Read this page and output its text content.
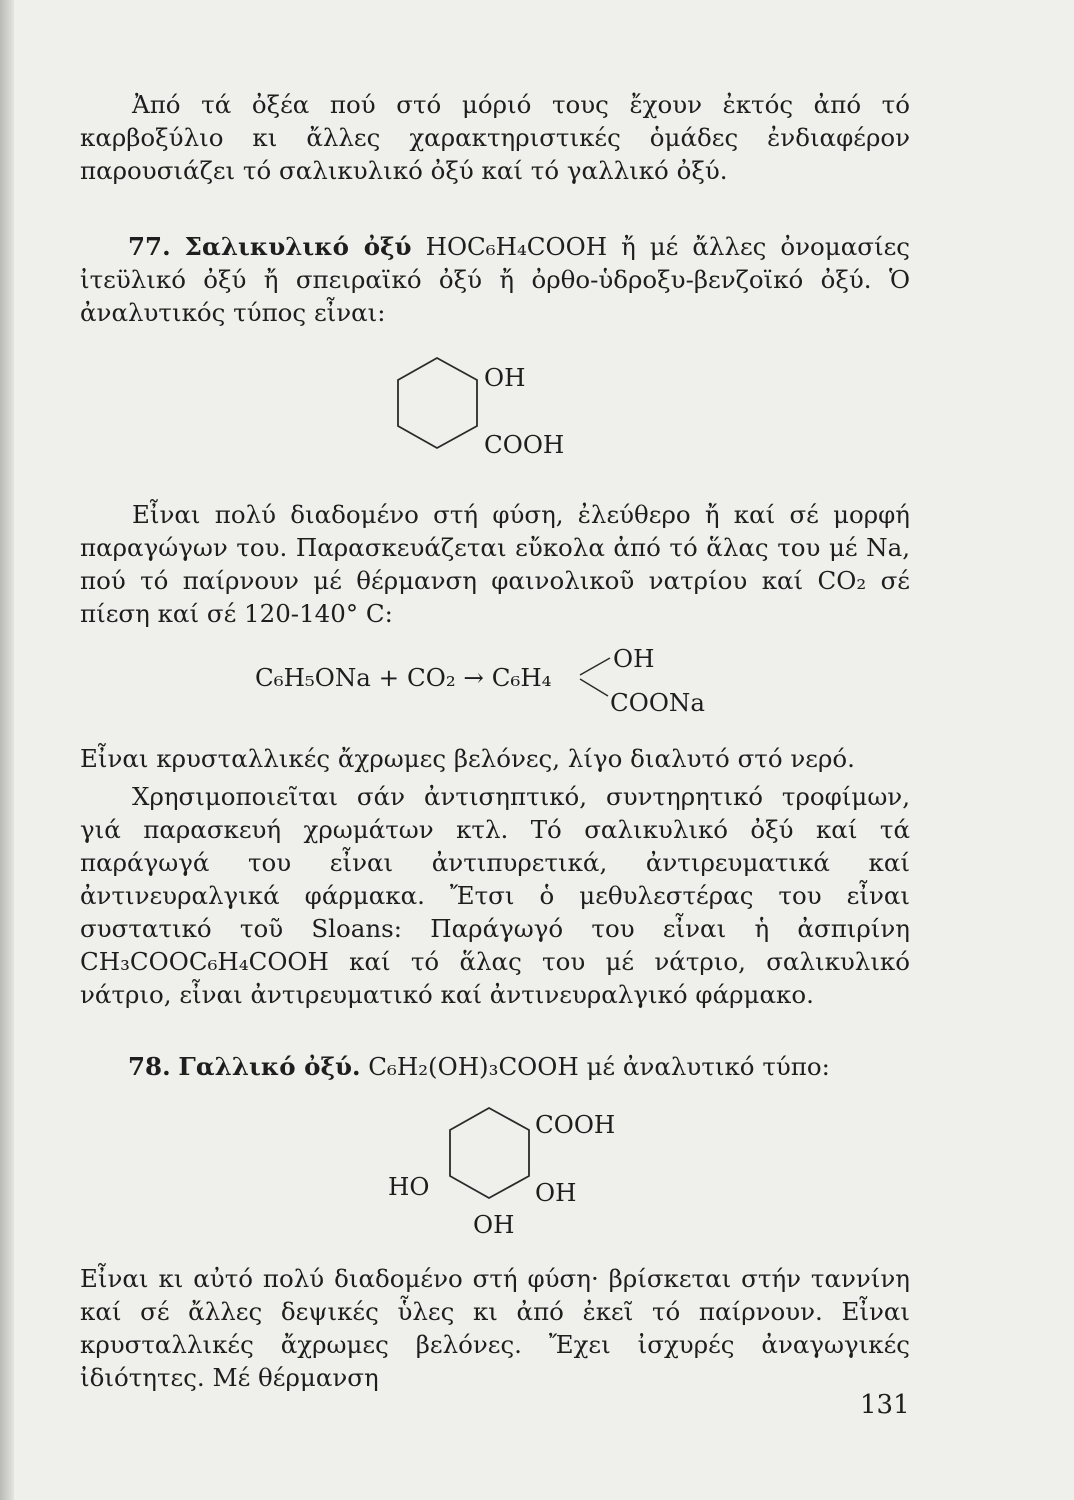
Ἀπό τά ὀξέα πού στό μόριό τους ἔχουν ἐκτός ἀπό τό καρβοξύλιο κι ἄλλες χαρακτηριστικές ὁμάδες ἐνδιαφέρον παρουσιάζει τό σαλικυλικό ὀξύ καί τό γαλλικό ὀξύ.

77. Σαλικυλικό ὀξύ HOC₆H₄COOH ἤ μέ ἄλλες ὀνομασίες ἰτεϋλικό ὀξύ ἤ σπειραϊκό ὀξύ ἤ ὀρθο-ὑδροξυ-βενζοϊκό ὀξύ. Ὁ ἀναλυτικός τύπος εἶναι:

OH
COOH

Εἶναι πολύ διαδομένο στή φύση, ἐλεύθερο ἤ καί σέ μορφή παραγώγων του. Παρασκευάζεται εὔκολα ἀπό τό ἅλας του μέ Na, πού τό παίρνουν μέ θέρμανση φαινολικοῦ νατρίου καί CO₂ σέ πίεση καί σέ 120-140° C:

C₆H₅ONa + CO₂ → C₆H₄
OH
COONa

Εἶναι κρυσταλλικές ἄχρωμες βελόνες, λίγο διαλυτό στό νερό.

Χρησιμοποιεῖται σάν ἀντισηπτικό, συντηρητικό τροφίμων, γιά παρασκευή χρωμάτων κτλ. Τό σαλικυλικό ὀξύ καί τά παράγωγά του εἶναι ἀντιπυρετικά, ἀντιρευματικά καί ἀντινευραλγικά φάρμακα. Ἔτσι ὁ μεθυλεστέρας του εἶναι συστατικό τοῦ Sloans: Παράγωγό του εἶναι ἡ ἀσπιρίνη CH₃COOC₆H₄COOH καί τό ἅλας του μέ νάτριο, σαλικυλικό νάτριο, εἶναι ἀντιρευματικό καί ἀντινευραλγικό φάρμακο.

78. Γαλλικό ὀξύ. C₆H₂(OH)₃COOH μέ ἀναλυτικό τύπο:

COOH
HO	OH
OH

Εἶναι κι αὐτό πολύ διαδομένο στή φύση· βρίσκεται στήν ταννίνη καί σέ ἄλλες δεψικές ὗλες κι ἀπό ἐκεῖ τό παίρνουν. Εἶναι κρυσταλλικές ἄχρωμες βελόνες. Ἔχει ἰσχυρές ἀναγωγικές ἰδιότητες. Μέ θέρμανση

131
